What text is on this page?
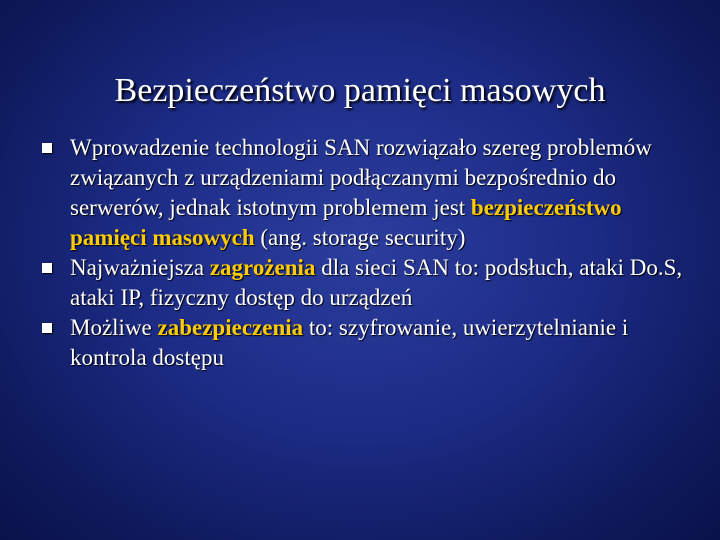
Bezpieczeństwo pamięci masowych
Wprowadzenie technologii SAN rozwiązało szereg problemów związanych z urządzeniami podłączanymi bezpośrednio do serwerów, jednak istotnym problemem jest bezpieczeństwo pamięci masowych (ang. storage security)
Najważniejsza zagrożenia dla sieci SAN to: podsłuch, ataki Do.S, ataki IP, fizyczny dostęp do urządzeń
Możliwe zabezpieczenia to: szyfrowanie, uwierzytelnianie i kontrola dostępu
